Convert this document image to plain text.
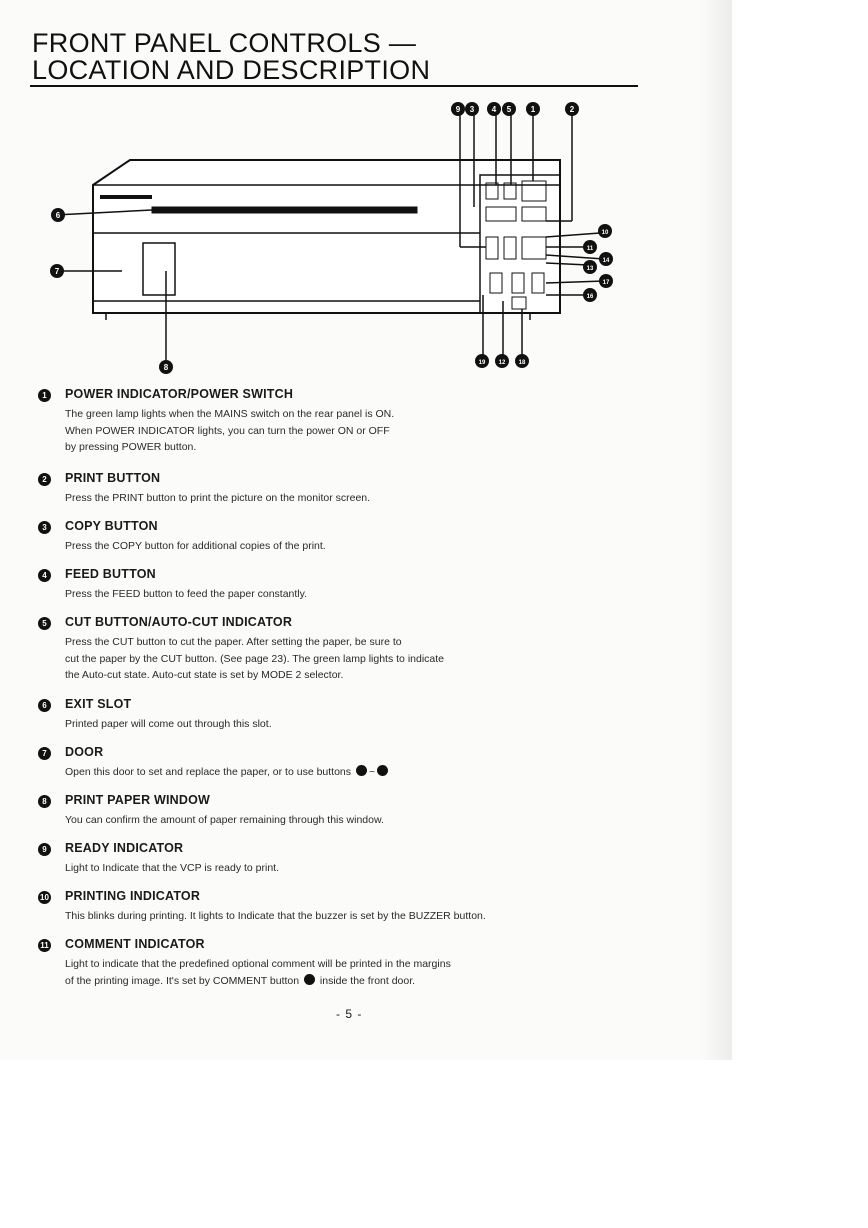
FRONT PANEL CONTROLS —
LOCATION AND DESCRIPTION
9 3 4 5 1	2
6
7
8
10
11
14
13
17
16
19 12 18
1	POWER INDICATOR/POWER SWITCH
The green lamp lights when the MAINS switch on the rear panel is ON.
When POWER INDICATOR lights, you can turn the power ON or OFF
by pressing POWER button.
2	PRINT BUTTON
Press the PRINT button to print the picture on the monitor screen.
3	COPY BUTTON
Press the COPY button for additional copies of the print.
4	FEED BUTTON
Press the FEED button to feed the paper constantly.
5	CUT BUTTON/AUTO-CUT INDICATOR
Press the CUT button to cut the paper. After setting the paper, be sure to
cut the paper by the CUT button. (See page 23). The green lamp lights to indicate
the Auto-cut state. Auto-cut state is set by MODE 2 selector.
6	EXIT SLOT
Printed paper will come out through this slot.
7	DOOR
Open this door to set and replace the paper, or to use buttons ~
8	PRINT PAPER WINDOW
You can confirm the amount of paper remaining through this window.
9	READY INDICATOR
Light to Indicate that the VCP is ready to print.
10 PRINTING INDICATOR
This blinks during printing. It lights to Indicate that the buzzer is set by the BUZZER button.
11 COMMENT INDICATOR
Light to indicate that the predefined optional comment will be printed in the margins
of the printing image. It's set by COMMENT button inside the front door.
- 5 -
